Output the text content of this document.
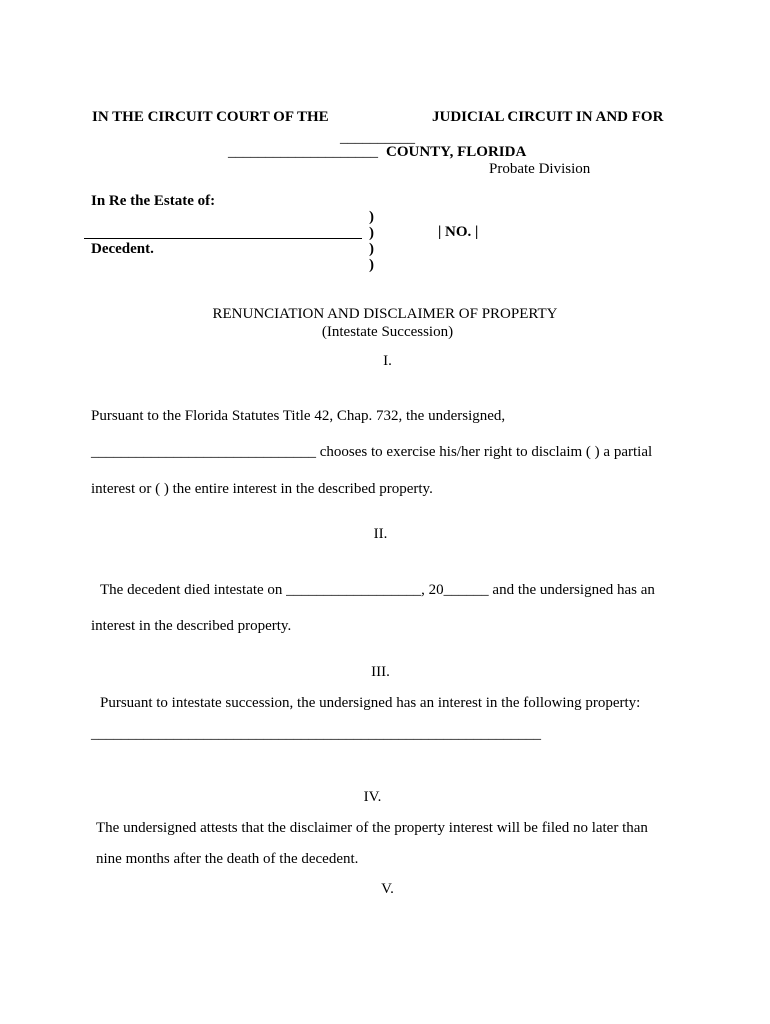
IN THE CIRCUIT COURT OF THE	JUDICIAL CIRCUIT IN AND FOR
__________
____________________ COUNTY, FLORIDA
Probate Division
In Re the Estate of:
)
)	| NO. |
Decedent.	)
)
RENUNCIATION AND DISCLAIMER OF PROPERTY
(Intestate Succession)
I.
Pursuant to the Florida Statutes Title 42, Chap. 732, the undersigned,
______________________________ chooses to exercise his/her right to disclaim ( ) a partial
interest or ( ) the entire interest in the described property.
II.
The decedent died intestate on __________________, 20______ and the undersigned has an
interest in the described property.
III.
Pursuant to intestate succession, the undersigned has an interest in the following property:
____________________________________________________________
IV.
The undersigned attests that the disclaimer of the property interest will be filed no later than
nine months after the death of the decedent.
V.
